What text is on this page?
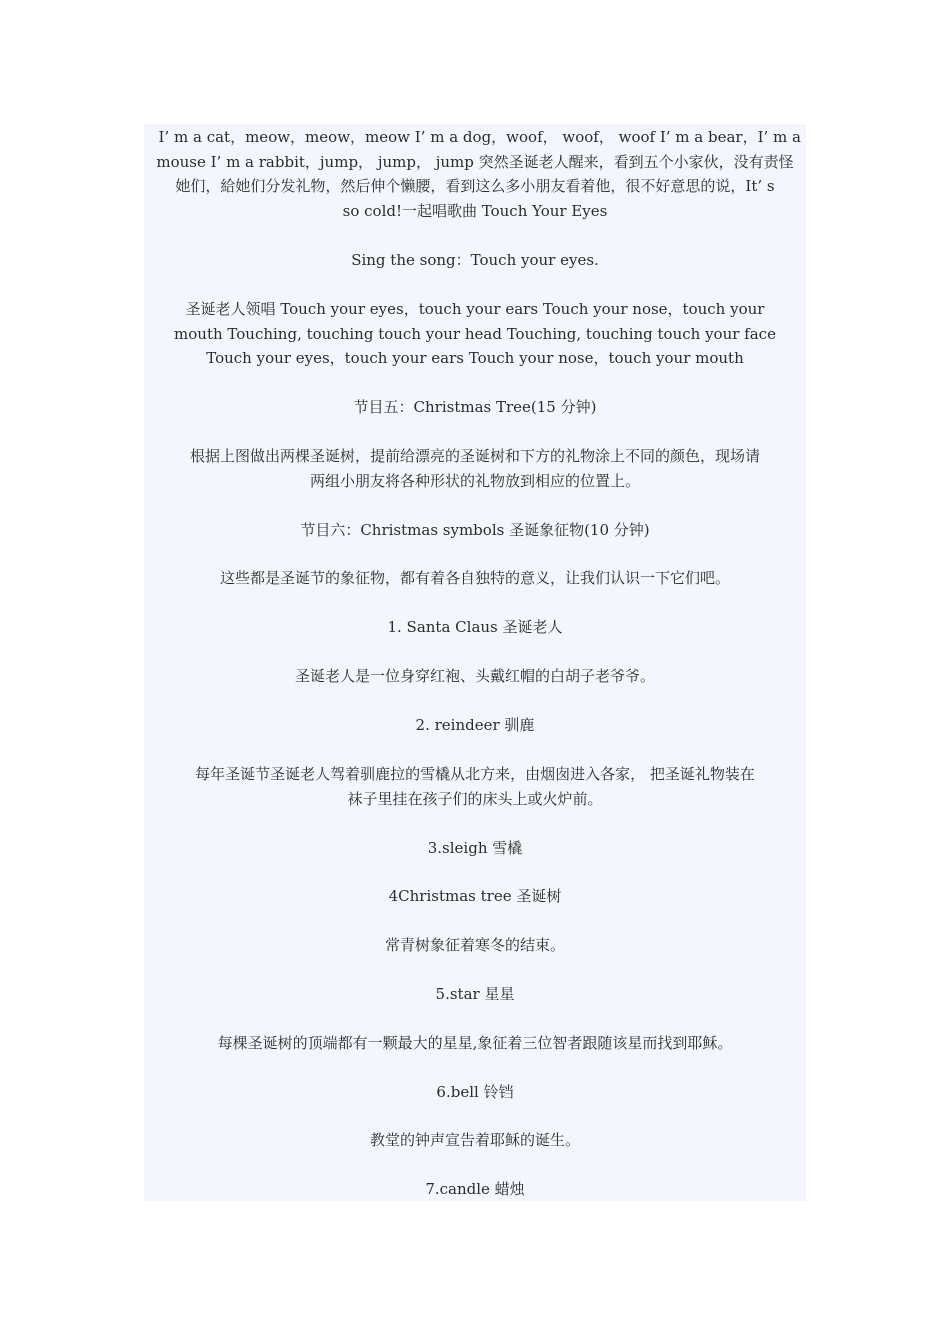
I’ m a cat，meow，meow，meow I’ m a dog，woof， woof， woof I’ m a bear，I’ m a
mouse I’ m a rabbit，jump， jump， jump 突然圣诞老人醒来，看到五个小家伙，没有责怪
她们，給她们分发礼物，然后伸个懒腰，看到这么多小朋友看着他，很不好意思的说，It’ s
so cold!一起唱歌曲 Touch Your Eyes
Sing the song：Touch your eyes.
圣诞老人领唱 Touch your eyes，touch your ears Touch your nose，touch your
mouth Touching, touching touch your head Touching, touching touch your face
Touch your eyes，touch your ears Touch your nose，touch your mouth
节目五：Christmas Tree(15 分钟)
根据上图做出两棵圣诞树，提前给漂亮的圣诞树和下方的礼物涂上不同的颜色，现场请
两组小朋友将各种形状的礼物放到相应的位置上。
节目六：Christmas symbols 圣诞象征物(10 分钟)
这些都是圣诞节的象征物，都有着各自独特的意义，让我们认识一下它们吧。
1. Santa Claus 圣诞老人
圣诞老人是一位身穿红袍、头戴红帽的白胡子老爷爷。
2. reindeer 驯鹿
每年圣诞节圣诞老人驾着驯鹿拉的雪橇从北方来，由烟囱进入各家， 把圣诞礼物装在
袜子里挂在孩子们的床头上或火炉前。
3.sleigh 雪橇
4Christmas tree 圣诞树
常青树象征着寒冬的结束。
5.star 星星
每棵圣诞树的顶端都有一颗最大的星星,象征着三位智者跟随该星而找到耶稣。
6.bell 铃铛
教堂的钟声宣告着耶稣的诞生。
7.candle 蜡烛
